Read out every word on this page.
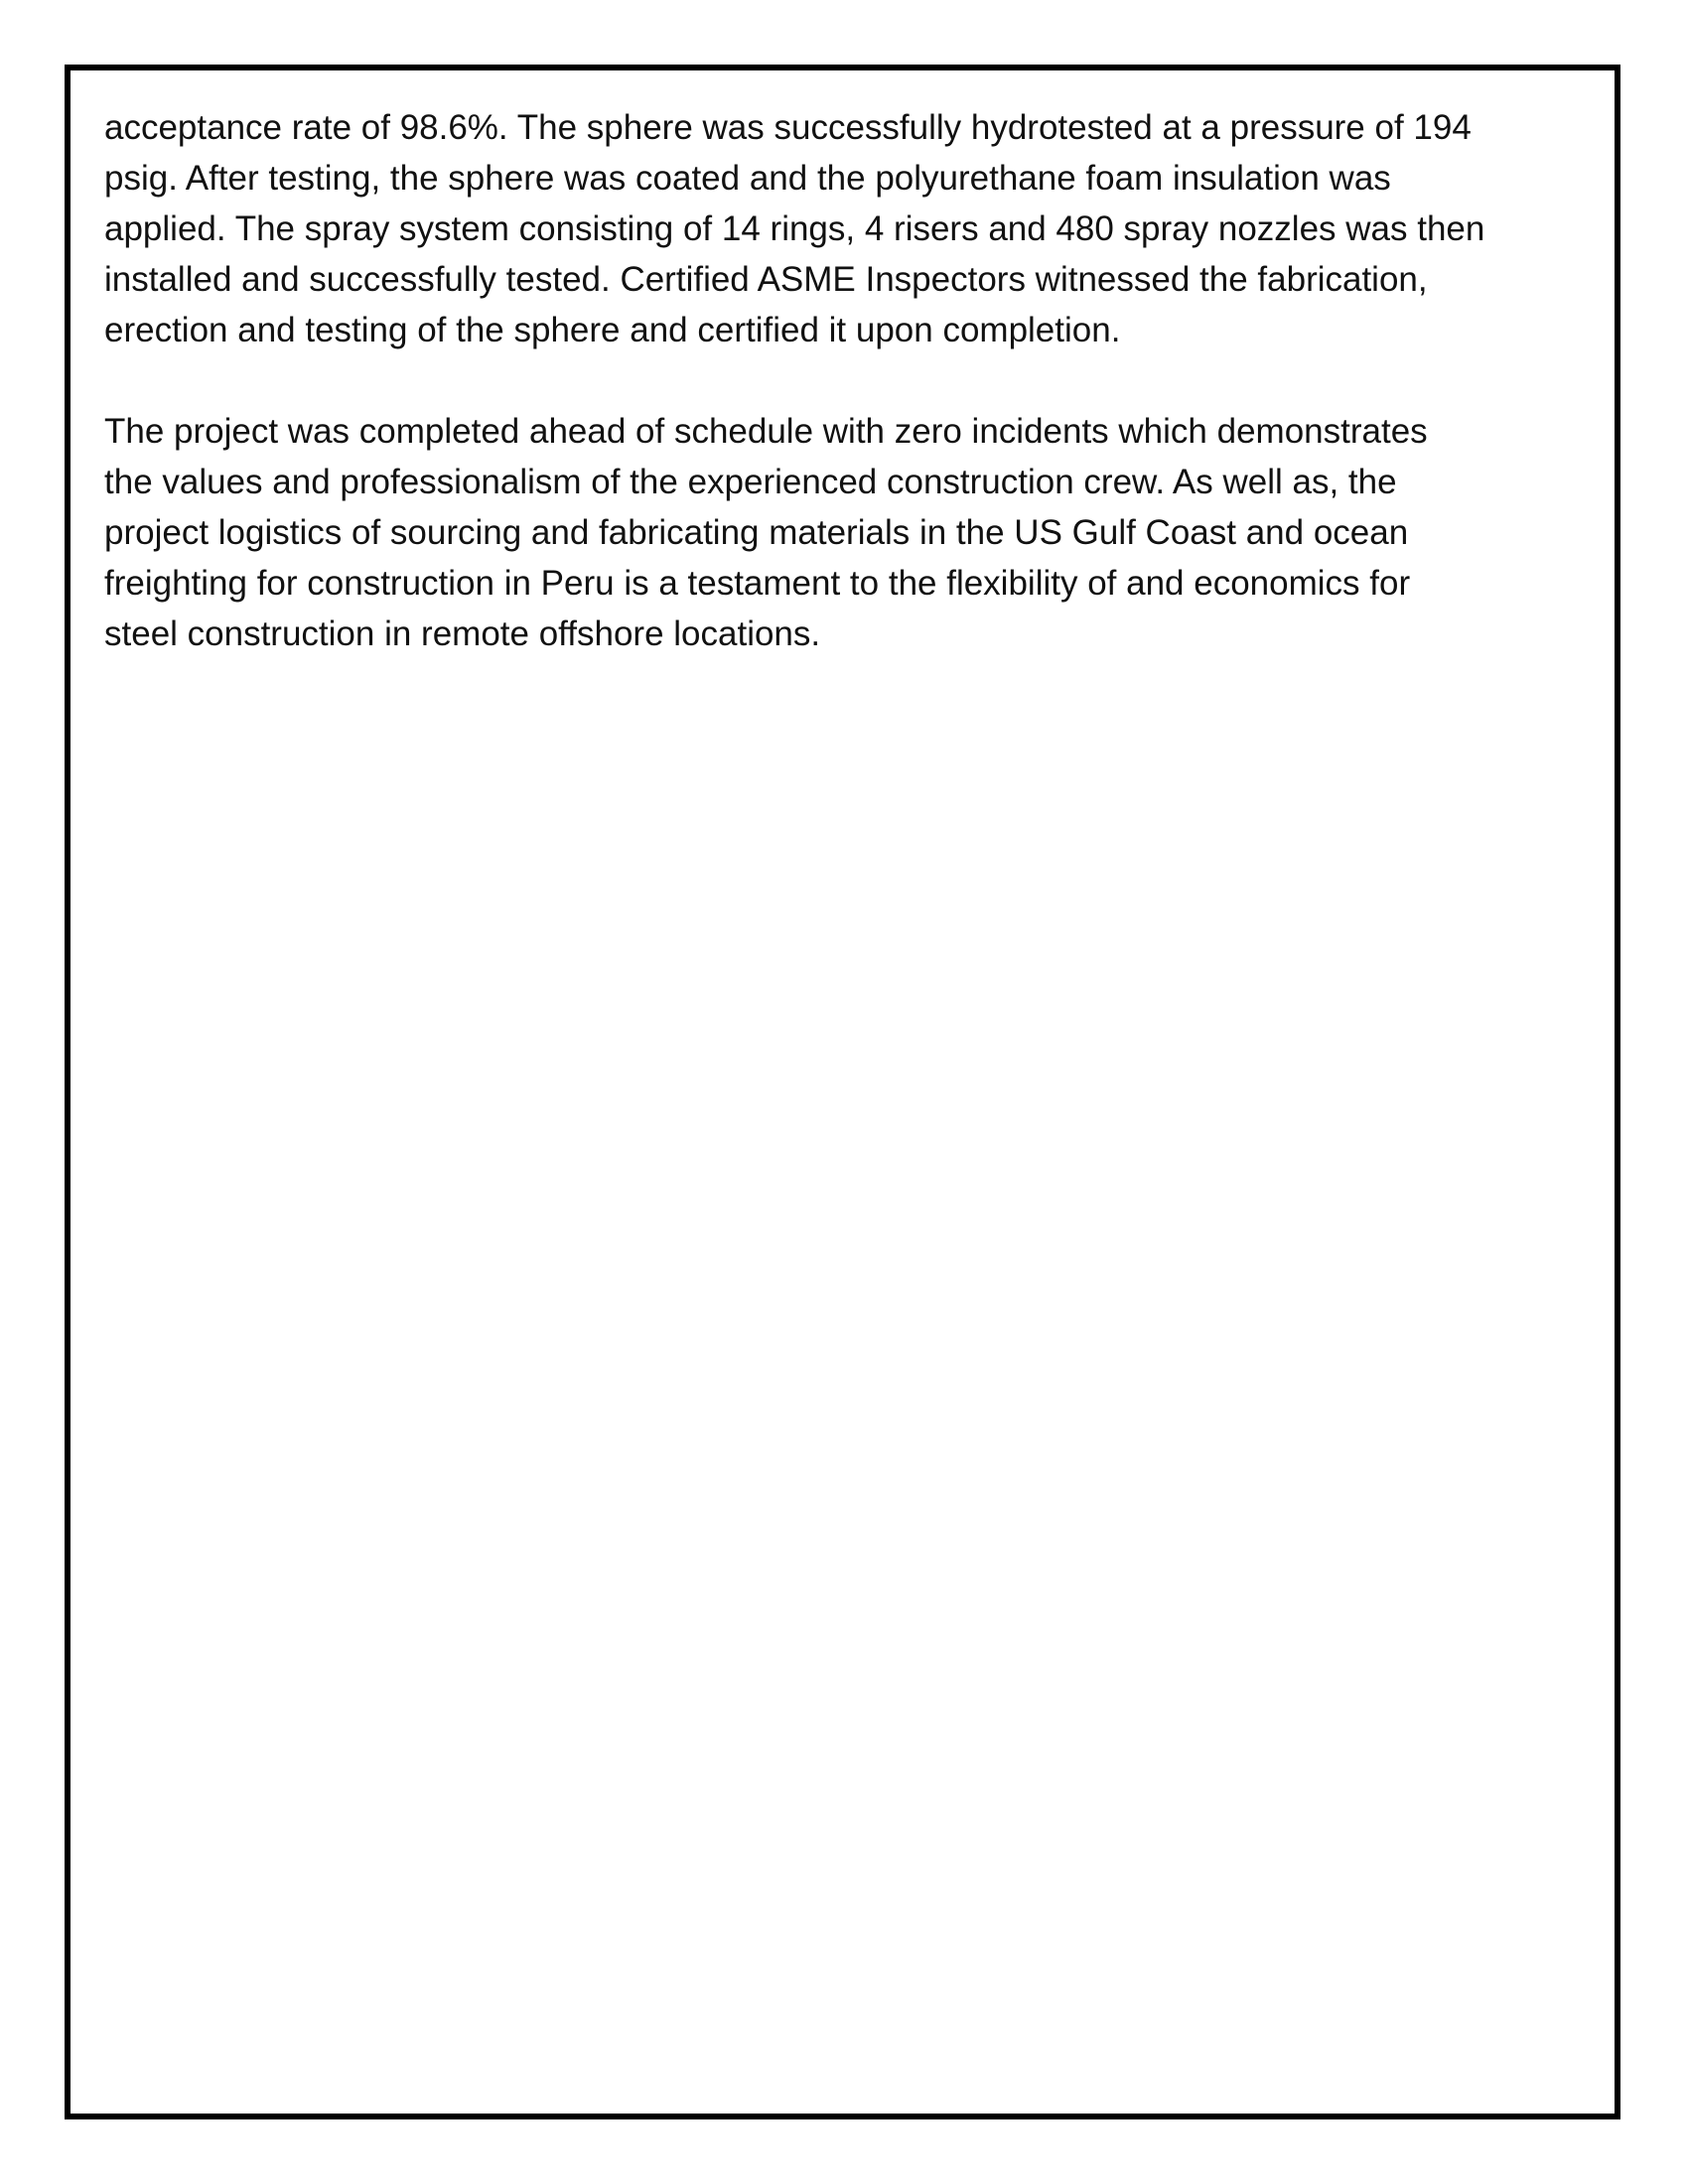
acceptance rate of 98.6%. The sphere was successfully hydrotested at a pressure of 194
psig. After testing, the sphere was coated and the polyurethane foam insulation was
applied. The spray system consisting of 14 rings, 4 risers and 480 spray nozzles was then
installed and successfully tested. Certified ASME Inspectors witnessed the fabrication,
erection and testing of the sphere and certified it upon completion.

The project was completed ahead of schedule with zero incidents which demonstrates
the values and professionalism of the experienced construction crew. As well as, the
project logistics of sourcing and fabricating materials in the US Gulf Coast and ocean
freighting for construction in Peru is a testament to the flexibility of and economics for
steel construction in remote offshore locations.
